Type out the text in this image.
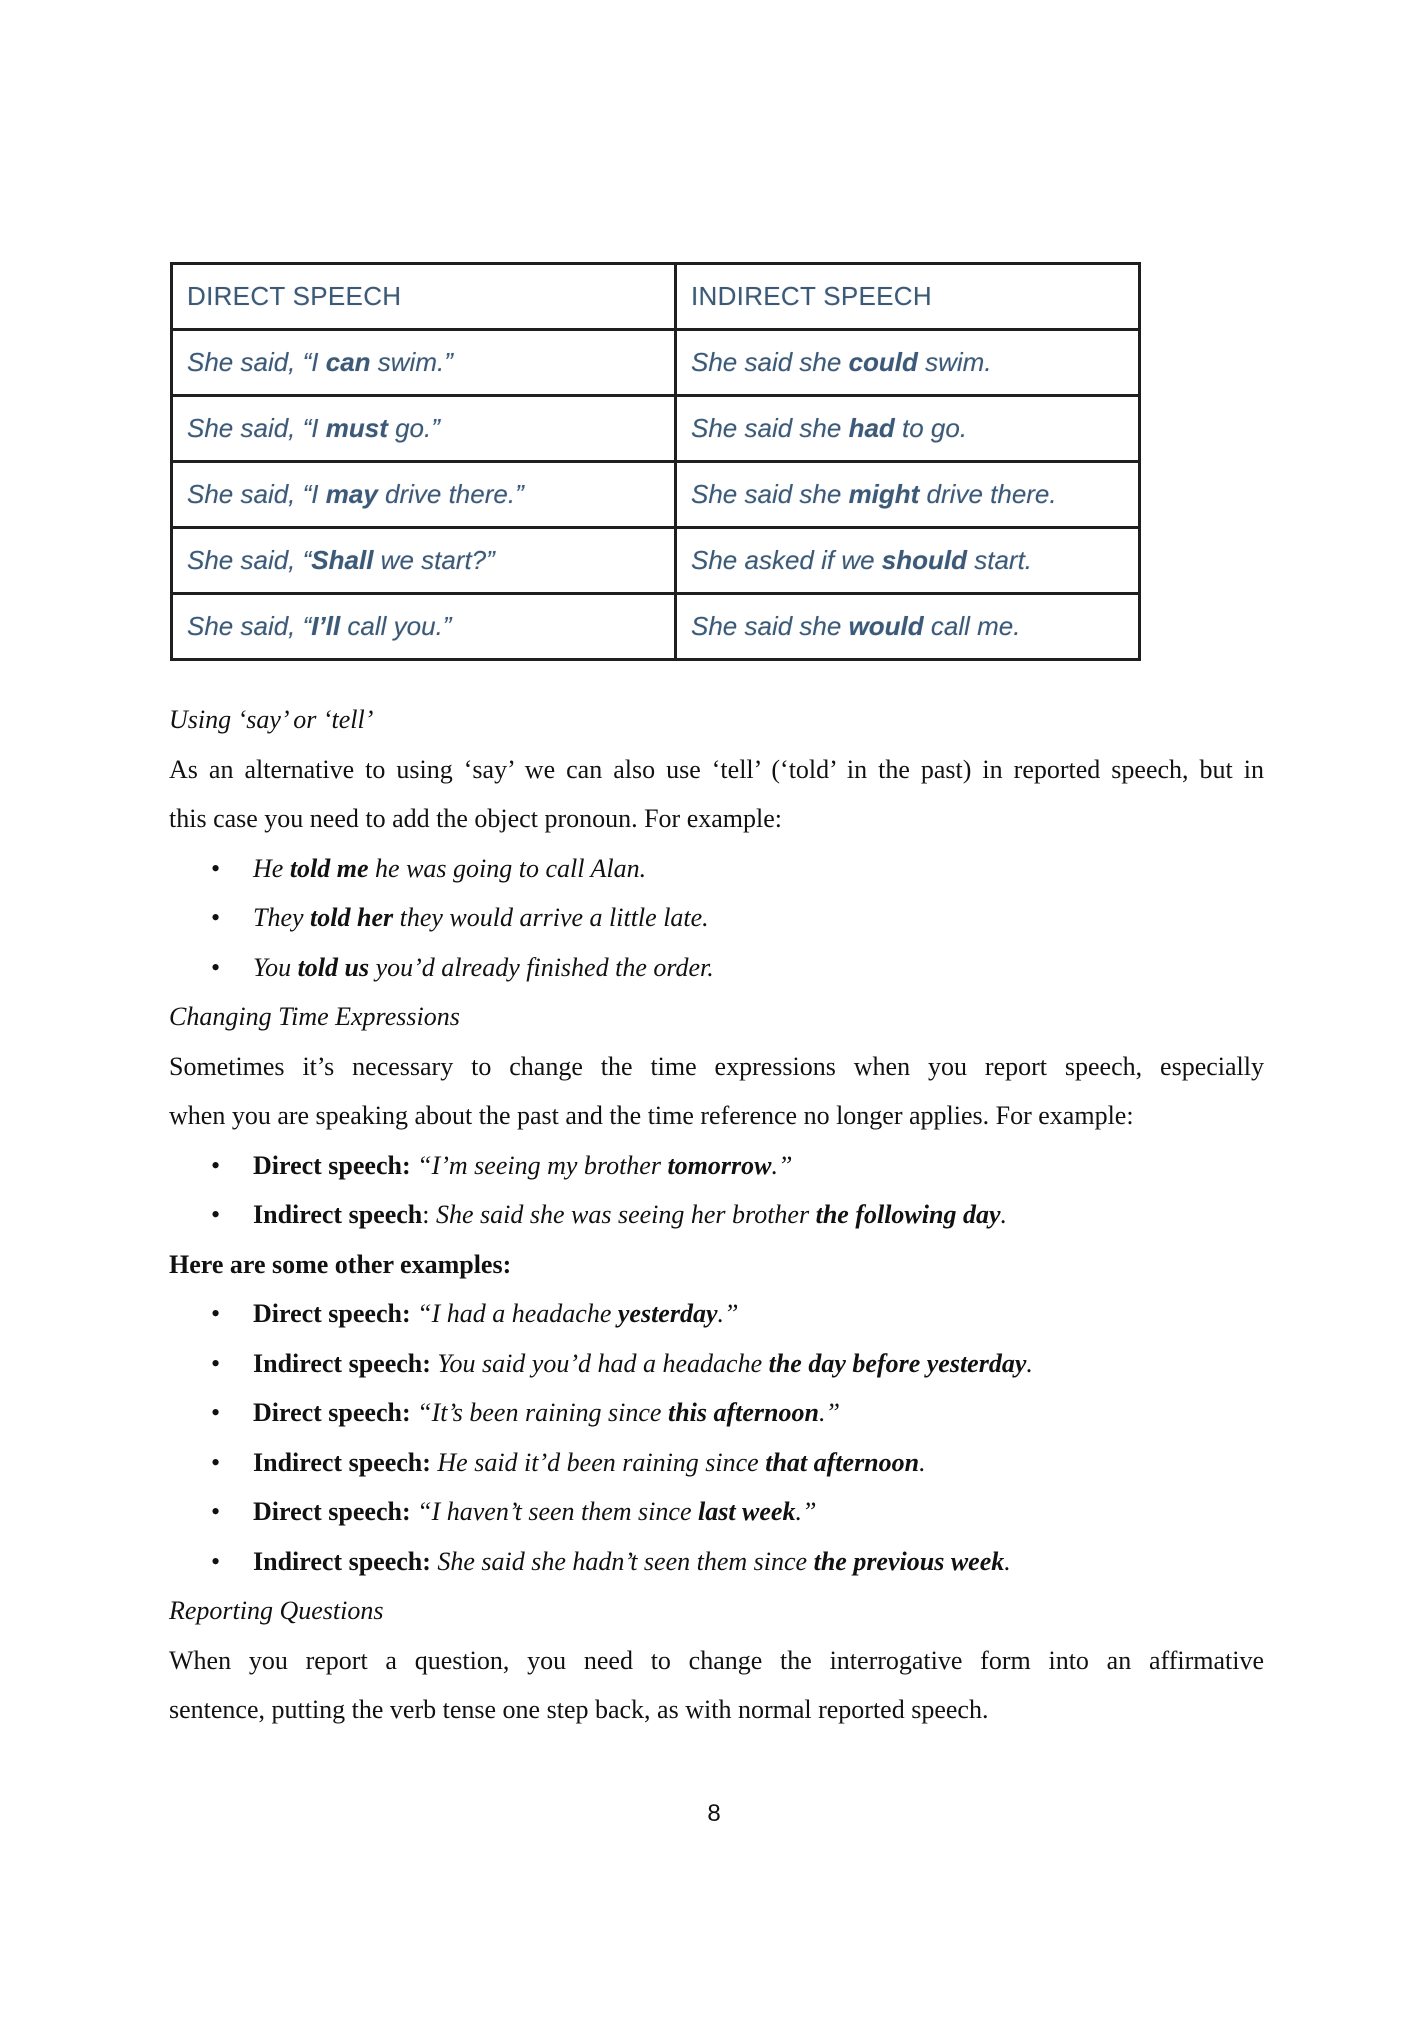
DIRECT SPEECH	INDIRECT SPEECH
She said, “I can swim.”	She said she could swim.
She said, “I must go.”	She said she had to go.
She said, “I may drive there.”	She said she might drive there.
She said, “Shall we start?”	She asked if we should start.
She said, “I’ll call you.”	She said she would call me.

Using ‘say’ or ‘tell’

As an alternative to using ‘say’ we can also use ‘tell’ (‘told’ in the past) in reported speech, but in

this case you need to add the object pronoun. For example:

• He told me he was going to call Alan.
• They told her they would arrive a little late.
• You told us you’d already finished the order.

Changing Time Expressions

Sometimes it’s necessary to change the time expressions when you report speech, especially

when you are speaking about the past and the time reference no longer applies. For example:

• Direct speech: “I’m seeing my brother tomorrow.”
• Indirect speech: She said she was seeing her brother the following day.

Here are some other examples:

• Direct speech: “I had a headache yesterday.”
• Indirect speech: You said you’d had a headache the day before yesterday.
• Direct speech: “It’s been raining since this afternoon.”
• Indirect speech: He said it’d been raining since that afternoon.
• Direct speech: “I haven’t seen them since last week.”
• Indirect speech: She said she hadn’t seen them since the previous week.

Reporting Questions

When you report a question, you need to change the interrogative form into an affirmative

sentence, putting the verb tense one step back, as with normal reported speech.

8
